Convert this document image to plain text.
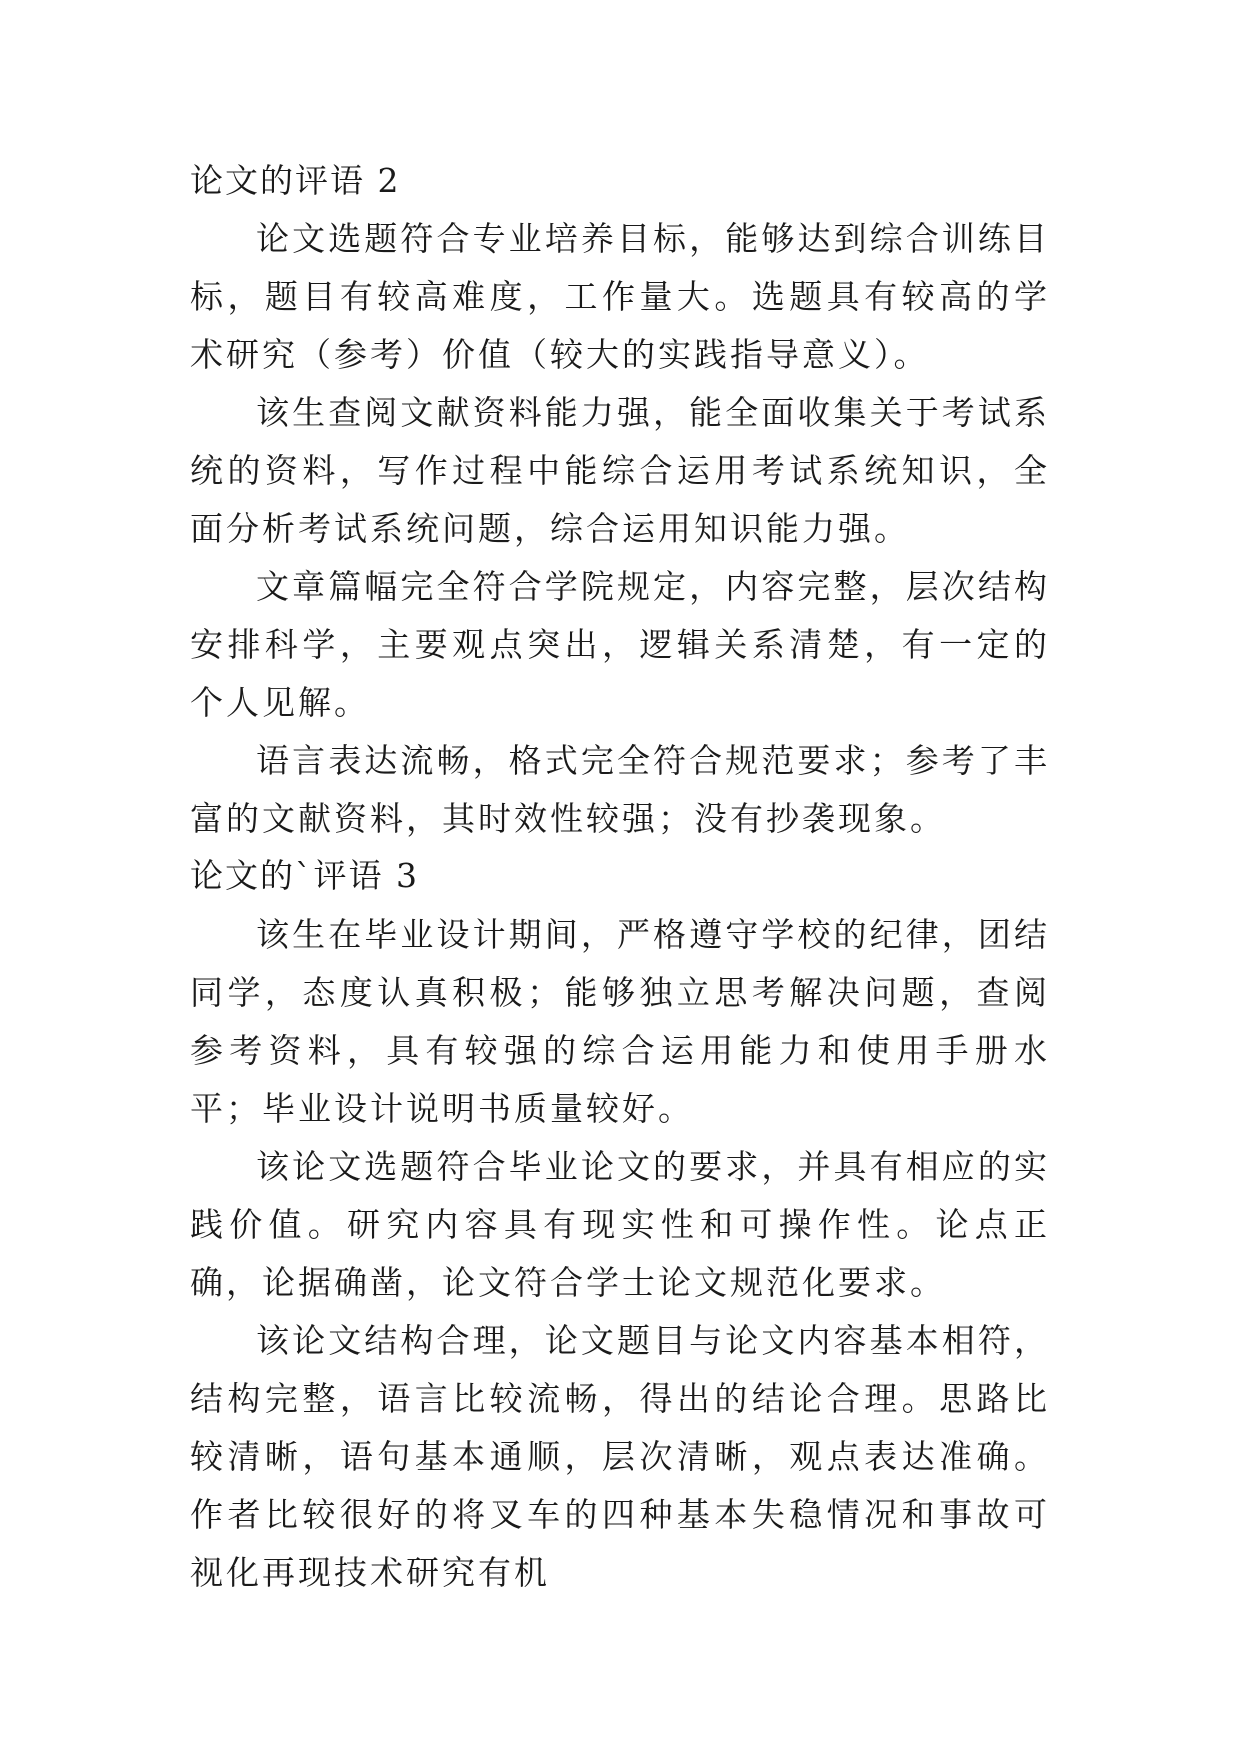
论文的评语 2

论文选题符合专业培养目标，能够达到综合训练目标，题目有较高难度，工作量大。选题具有较高的学术研究（参考）价值（较大的实践指导意义）。

该生查阅文献资料能力强，能全面收集关于考试系统的资料，写作过程中能综合运用考试系统知识，全面分析考试系统问题，综合运用知识能力强。

文章篇幅完全符合学院规定，内容完整，层次结构安排科学，主要观点突出，逻辑关系清楚，有一定的个人见解。

语言表达流畅，格式完全符合规范要求；参考了丰富的文献资料，其时效性较强；没有抄袭现象。

论文的`评语 3

该生在毕业设计期间，严格遵守学校的纪律，团结同学，态度认真积极；能够独立思考解决问题，查阅参考资料，具有较强的综合运用能力和使用手册水平；毕业设计说明书质量较好。

该论文选题符合毕业论文的要求，并具有相应的实践价值。研究内容具有现实性和可操作性。论点正确，论据确凿，论文符合学士论文规范化要求。

该论文结构合理，论文题目与论文内容基本相符，结构完整，语言比较流畅，得出的结论合理。思路比较清晰，语句基本通顺，层次清晰，观点表达准确。作者比较很好的将叉车的四种基本失稳情况和事故可视化再现技术研究有机
